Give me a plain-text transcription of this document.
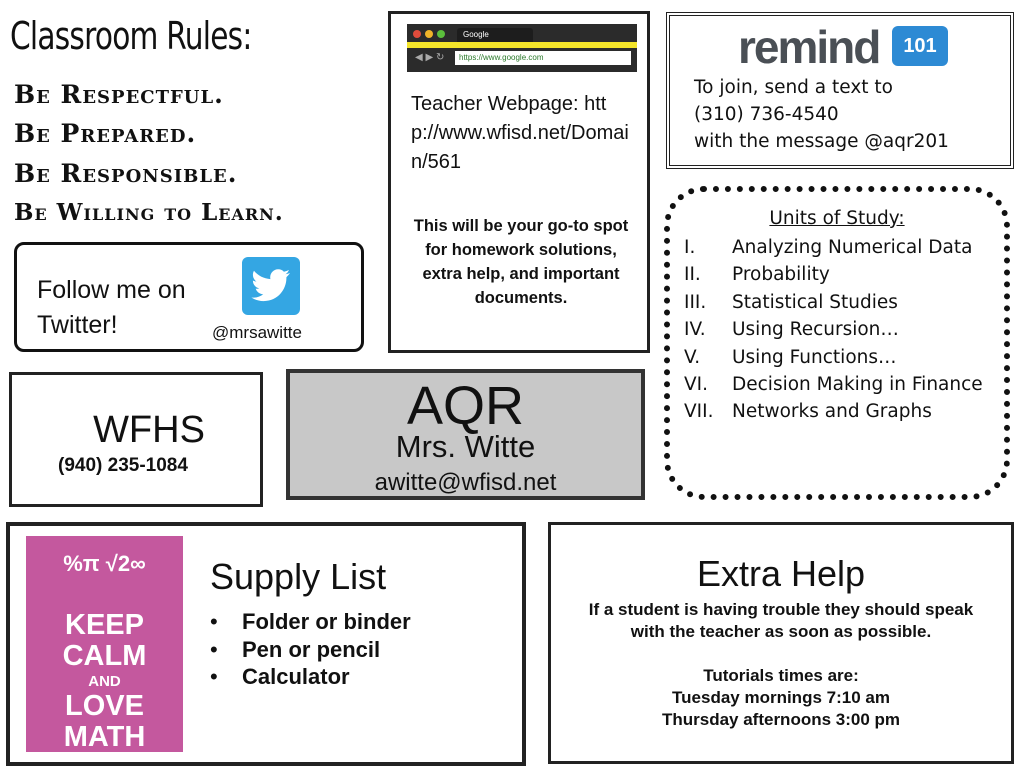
Classroom Rules:
Be Respectful.
Be Prepared.
Be Responsible.
Be Willing to Learn.
Follow me on Twitter!	@mrsawitte
Google
◀ ▶ ↻	https://www.google.com
Teacher Webpage: http://www.wfisd.net/Domain/561
This will be your go-to spot for homework solutions, extra help, and important documents.
remind	101
To join, send a text to
(310) 736-4540
with the message @aqr201
Units of Study:
I.	Analyzing Numerical Data
II.	Probability
III.	Statistical Studies
IV.	Using Recursion…
V.	Using Functions…
VI.	Decision Making in Finance
VII.	Networks and Graphs
WFHS
(940) 235-1084
AQR
Mrs. Witte
awitte@wfisd.net
%π √2∞
KEEP
CALM
AND
LOVE
MATH
Supply List
• Folder or binder
• Pen or pencil
• Calculator
Extra Help
If a student is having trouble they should speak with the teacher as soon as possible.
Tutorials times are:
Tuesday mornings 7:10 am
Thursday afternoons 3:00 pm
